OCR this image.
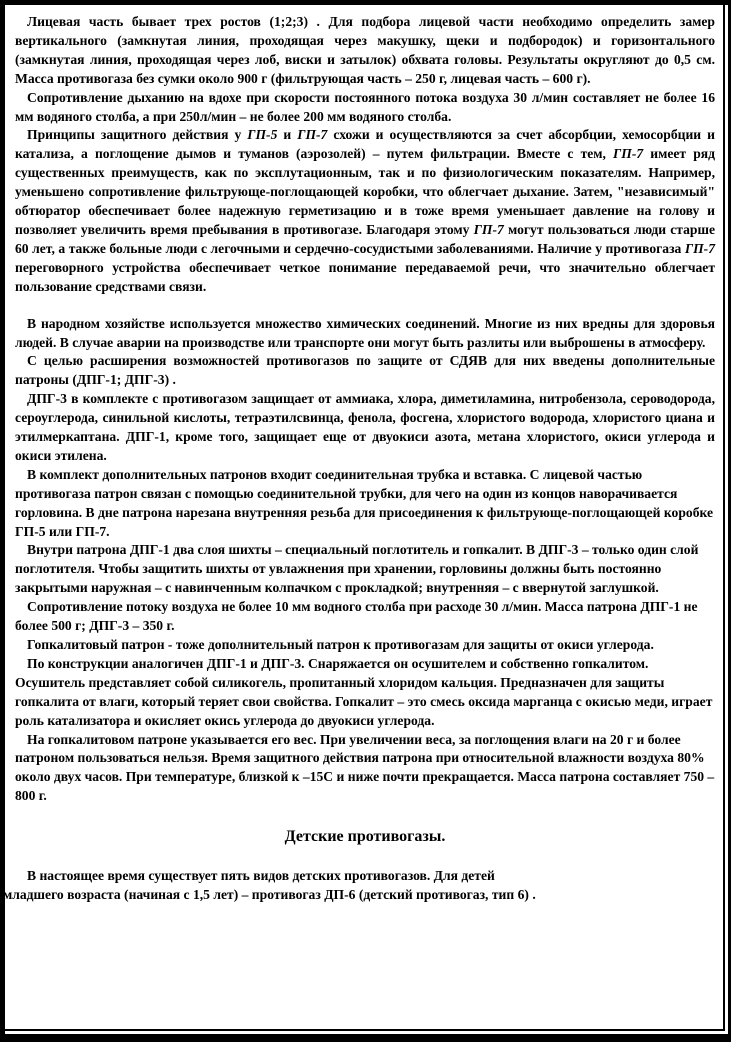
Лицевая часть бывает трех ростов (1;2;3) . Для подбора лицевой части необходимо определить замер вертикального (замкнутая линия, проходящая через макушку, щеки и подбородок) и горизонтального (замкнутая линия, проходящая через лоб, виски и затылок) обхвата головы. Результаты округляют до 0,5 см. Масса противогаза без сумки около 900 г (фильтрующая часть – 250 г, лицевая часть – 600 г).

Сопротивление дыханию на вдохе при скорости постоянного потока воздуха 30 л/мин составляет не более 16 мм водяного столба, а при 250л/мин – не более 200 мм водяного столба.

Принципы защитного действия у ГП-5 и ГП-7 схожи и осуществляются за счет абсорбции, хемосорбции и катализа, а поглощение дымов и туманов (аэрозолей) – путем фильтрации. Вместе с тем, ГП-7 имеет ряд существенных преимуществ, как по эксплутационным, так и по физиологическим показателям. Например, уменьшено сопротивление фильтрующе-поглощающей коробки, что облегчает дыхание. Затем, "независимый" обтюратор обеспечивает более надежную герметизацию и в тоже время уменьшает давление на голову и позволяет увеличить время пребывания в противогазе. Благодаря этому ГП-7 могут пользоваться люди старше 60 лет, а также больные люди с легочными и сердечно-сосудистыми заболеваниями. Наличие у противогаза ГП-7 переговорного устройства обеспечивает четкое понимание передаваемой речи, что значительно облегчает пользование средствами связи.

В народном хозяйстве используется множество химических соединений. Многие из них вредны для здоровья людей. В случае аварии на производстве или транспорте они могут быть разлиты или выброшены в атмосферу.

С целью расширения возможностей противогазов по защите от СДЯВ для них введены дополнительные патроны (ДПГ-1; ДПГ-3) .

ДПГ-3 в комплекте с противогазом защищает от аммиака, хлора, диметиламина, нитробензола, сероводорода, сероуглерода, синильной кислоты, тетраэтилсвинца, фенола, фосгена, хлористого водорода, хлористого циана и этилмеркаптана. ДПГ-1, кроме того, защищает еще от двуокиси азота, метана хлористого, окиси углерода и окиси этилена.

В комплект дополнительных патронов входит соединительная трубка и вставка. С лицевой частью противогаза патрон связан с помощью соединительной трубки, для чего на один из концов наворачивается горловина. В дне патрона нарезана внутренняя резьба для присоединения к фильтрующе-поглощающей коробке ГП-5 или ГП-7.

Внутри патрона ДПГ-1 два слоя шихты – специальный поглотитель и гопкалит. В ДПГ-3 – только один слой поглотителя. Чтобы защитить шихты от увлажнения при хранении, горловины должны быть постоянно закрытыми наружная – с навинченным колпачком с прокладкой; внутренняя – с ввернутой заглушкой.

Сопротивление потоку воздуха не более 10 мм водного столба при расходе 30 л/мин. Масса патрона ДПГ-1 не более 500 г; ДПГ-3 – 350 г.

Гопкалитовый патрон - тоже дополнительный патрон к противогазам для защиты от окиси углерода.

По конструкции аналогичен ДПГ-1 и ДПГ-3. Снаряжается он осушителем и собственно гопкалитом. Осушитель представляет собой силикогель, пропитанный хлоридом кальция. Предназначен для защиты гопкалита от влаги, который теряет свои свойства. Гопкалит – это смесь оксида марганца с окисью меди, играет роль катализатора и окисляет окись углерода до двуокиси углерода.

На гопкалитовом патроне указывается его вес. При увеличении веса, за поглощения влаги на 20 г и более патроном пользоваться нельзя. Время защитного действия патрона при относительной влажности воздуха 80% около двух часов. При температуре, близкой к –15С и ниже почти прекращается. Масса патрона составляет 750 – 800 г.

Детские противогазы.

В настоящее время существует пять видов детских противогазов. Для детей
младшего возраста (начиная с 1,5 лет) – противогаз ДП-6 (детский противогаз, тип 6) .
